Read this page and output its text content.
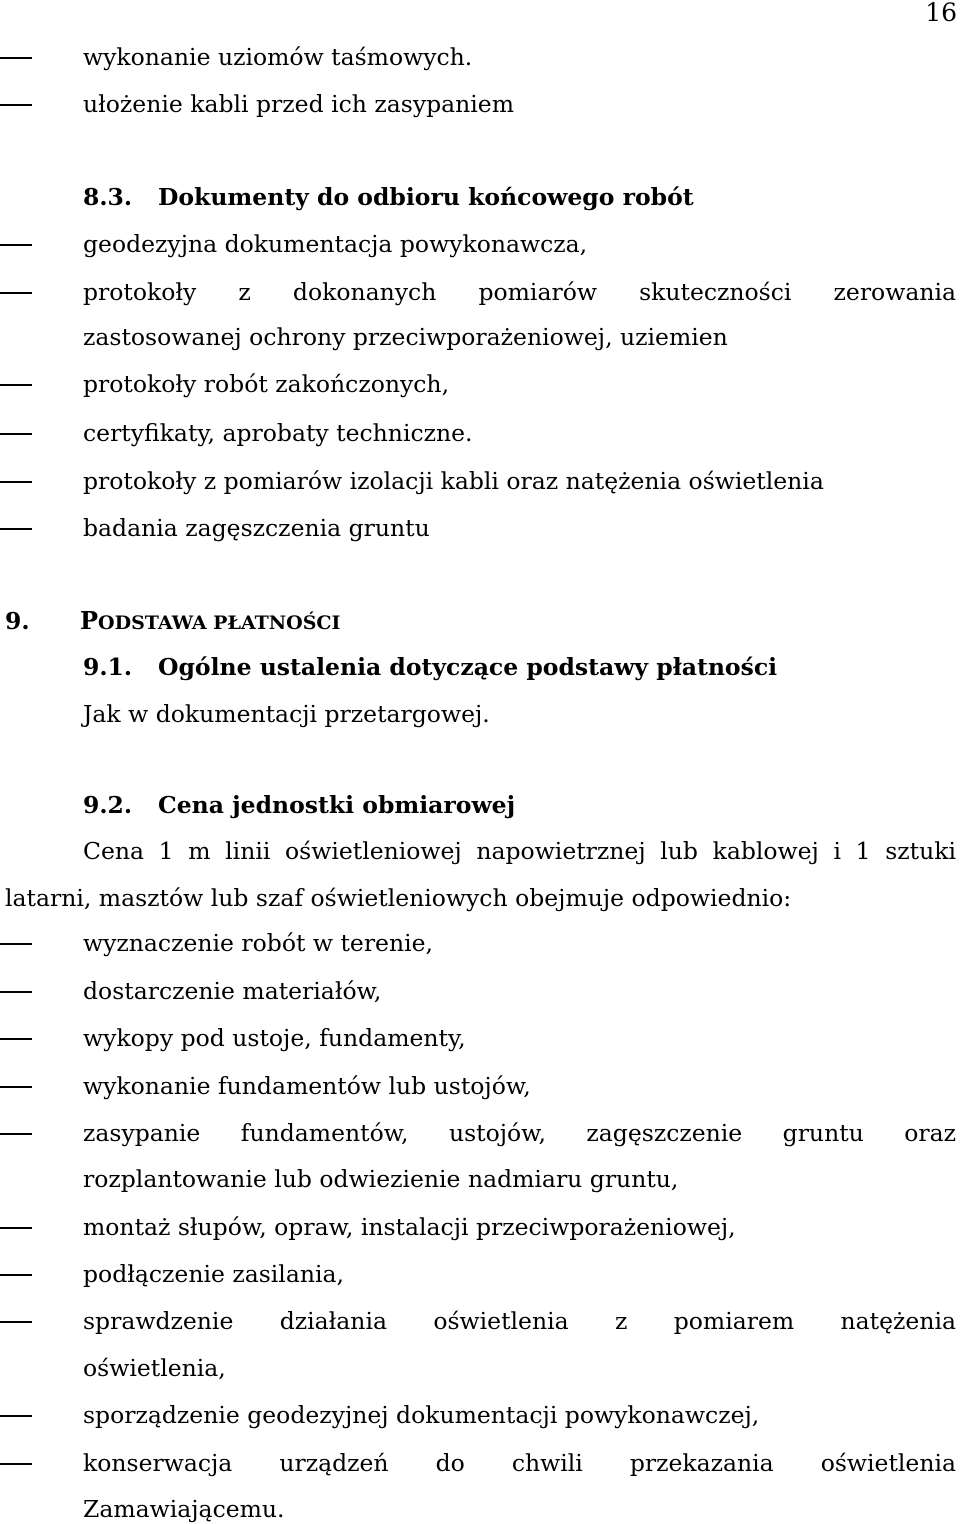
16
wykonanie uziomów taśmowych.
ułożenie kabli przed ich zasypaniem
8.3. Dokumenty do odbioru końcowego robót
geodezyjna dokumentacja powykonawcza,
protokoły z dokonanych pomiarów skuteczności zerowania
zastosowanej ochrony przeciwporażeniowej, uziemien
protokoły robót zakończonych,
certyfikaty, aprobaty techniczne.
protokoły z pomiarów izolacji kabli oraz natężenia oświetlenia
badania zagęszczenia gruntu
9.	PODSTAWA PŁATNOŚCI
9.1. Ogólne ustalenia dotyczące podstawy płatności
Jak w dokumentacji przetargowej.
9.2. Cena jednostki obmiarowej
Cena 1 m linii oświetleniowej napowietrznej lub kablowej i 1 sztuki
latarni, masztów lub szaf oświetleniowych obejmuje odpowiednio:
wyznaczenie robót w terenie,
dostarczenie materiałów,
wykopy pod ustoje, fundamenty,
wykonanie fundamentów lub ustojów,
zasypanie fundamentów, ustojów, zagęszczenie gruntu oraz
rozplantowanie lub odwiezienie nadmiaru gruntu,
montaż słupów, opraw, instalacji przeciwporażeniowej,
podłączenie zasilania,
sprawdzenie działania oświetlenia z pomiarem natężenia
oświetlenia,
sporządzenie geodezyjnej dokumentacji powykonawczej,
konserwacja urządzeń do chwili przekazania oświetlenia
Zamawiającemu.
